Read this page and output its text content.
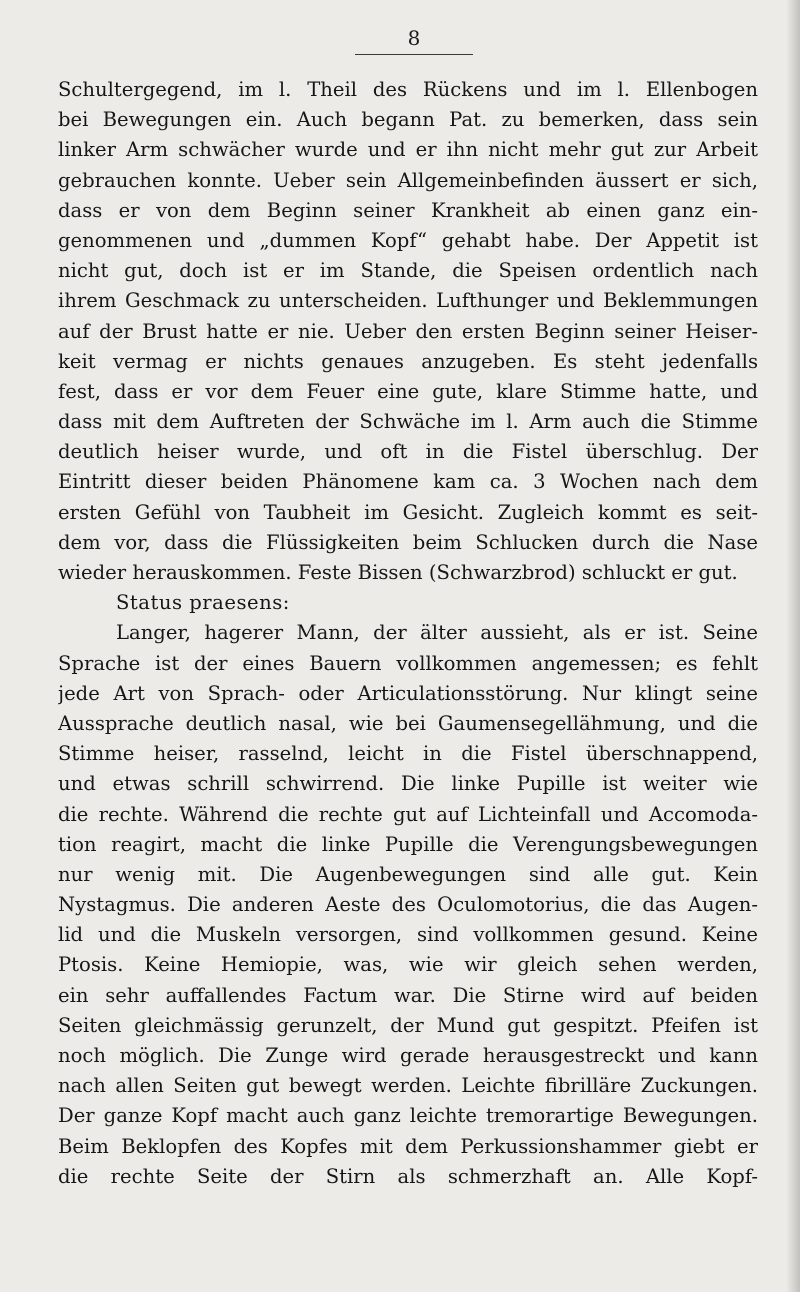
8
Schultergegend, im l. Theil des Rückens und im l. Ellenbogen
bei Bewegungen ein. Auch begann Pat. zu bemerken, dass sein
linker Arm schwächer wurde und er ihn nicht mehr gut zur Arbeit
gebrauchen konnte. Ueber sein Allgemeinbefinden äussert er sich,
dass er von dem Beginn seiner Krankheit ab einen ganz ein-
genommenen und „dummen Kopf“ gehabt habe. Der Appetit ist
nicht gut, doch ist er im Stande, die Speisen ordentlich nach
ihrem Geschmack zu unterscheiden. Lufthunger und Beklemmungen
auf der Brust hatte er nie. Ueber den ersten Beginn seiner Heiser-
keit vermag er nichts genaues anzugeben. Es steht jedenfalls
fest, dass er vor dem Feuer eine gute, klare Stimme hatte, und
dass mit dem Auftreten der Schwäche im l. Arm auch die Stimme
deutlich heiser wurde, und oft in die Fistel überschlug. Der
Eintritt dieser beiden Phänomene kam ca. 3 Wochen nach dem
ersten Gefühl von Taubheit im Gesicht. Zugleich kommt es seit-
dem vor, dass die Flüssigkeiten beim Schlucken durch die Nase
wieder herauskommen. Feste Bissen (Schwarzbrod) schluckt er gut.
Status praesens:
Langer, hagerer Mann, der älter aussieht, als er ist. Seine
Sprache ist der eines Bauern vollkommen angemessen; es fehlt
jede Art von Sprach- oder Articulationsstörung. Nur klingt seine
Aussprache deutlich nasal, wie bei Gaumensegellähmung, und die
Stimme heiser, rasselnd, leicht in die Fistel überschnappend,
und etwas schrill schwirrend. Die linke Pupille ist weiter wie
die rechte. Während die rechte gut auf Lichteinfall und Accomoda-
tion reagirt, macht die linke Pupille die Verengungsbewegungen
nur wenig mit. Die Augenbewegungen sind alle gut. Kein
Nystagmus. Die anderen Aeste des Oculomotorius, die das Augen-
lid und die Muskeln versorgen, sind vollkommen gesund. Keine
Ptosis. Keine Hemiopie, was, wie wir gleich sehen werden,
ein sehr auffallendes Factum war. Die Stirne wird auf beiden
Seiten gleichmässig gerunzelt, der Mund gut gespitzt. Pfeifen ist
noch möglich. Die Zunge wird gerade herausgestreckt und kann
nach allen Seiten gut bewegt werden. Leichte fibrilläre Zuckungen.
Der ganze Kopf macht auch ganz leichte tremorartige Bewegungen.
Beim Beklopfen des Kopfes mit dem Perkussionshammer giebt er
die rechte Seite der Stirn als schmerzhaft an. Alle Kopf-
